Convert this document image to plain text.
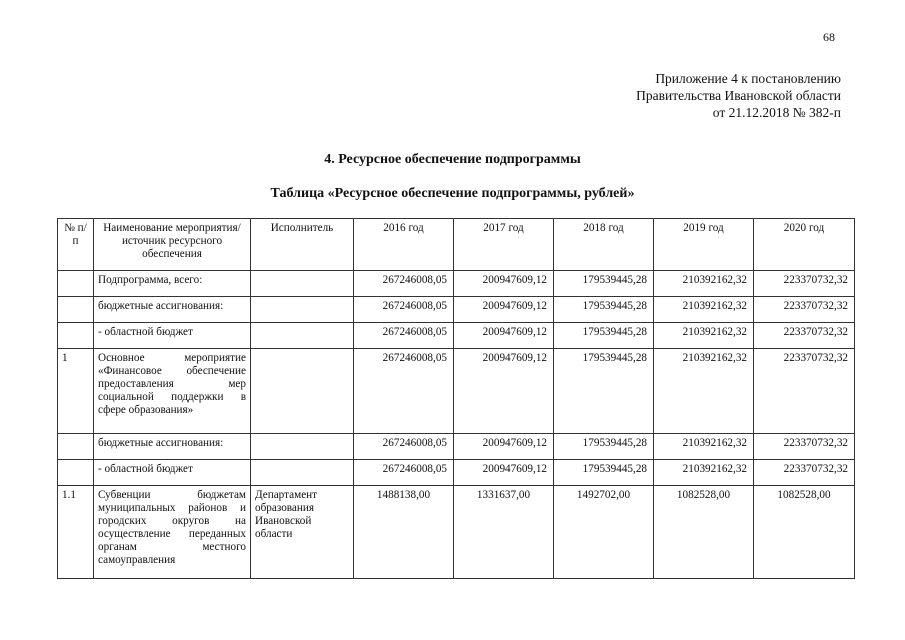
68
Приложение 4 к постановлению
Правительства Ивановской области
от 21.12.2018 № 382-п
4. Ресурсное обеспечение подпрограммы
Таблица «Ресурсное обеспечение подпрограммы, рублей»
№ п/п	Наименование мероприятия/источник ресурсного обеспечения	Исполнитель	2016 год	2017 год	2018 год	2019 год	2020 год
	Подпрограмма, всего:		267246008,05	200947609,12	179539445,28	210392162,32	223370732,32
	бюджетные ассигнования:		267246008,05	200947609,12	179539445,28	210392162,32	223370732,32
	- областной бюджет		267246008,05	200947609,12	179539445,28	210392162,32	223370732,32
1	Основное мероприятие «Финансовое обеспечение предоставления мер социальной поддержки в сфере образования»		267246008,05	200947609,12	179539445,28	210392162,32	223370732,32
	бюджетные ассигнования:		267246008,05	200947609,12	179539445,28	210392162,32	223370732,32
	- областной бюджет		267246008,05	200947609,12	179539445,28	210392162,32	223370732,32
1.1	Субвенции бюджетам муниципальных районов и городских округов на осуществление переданных органам местного самоуправления	Департамент образования Ивановской области	1488138,00	1331637,00	1492702,00	1082528,00	1082528,00
